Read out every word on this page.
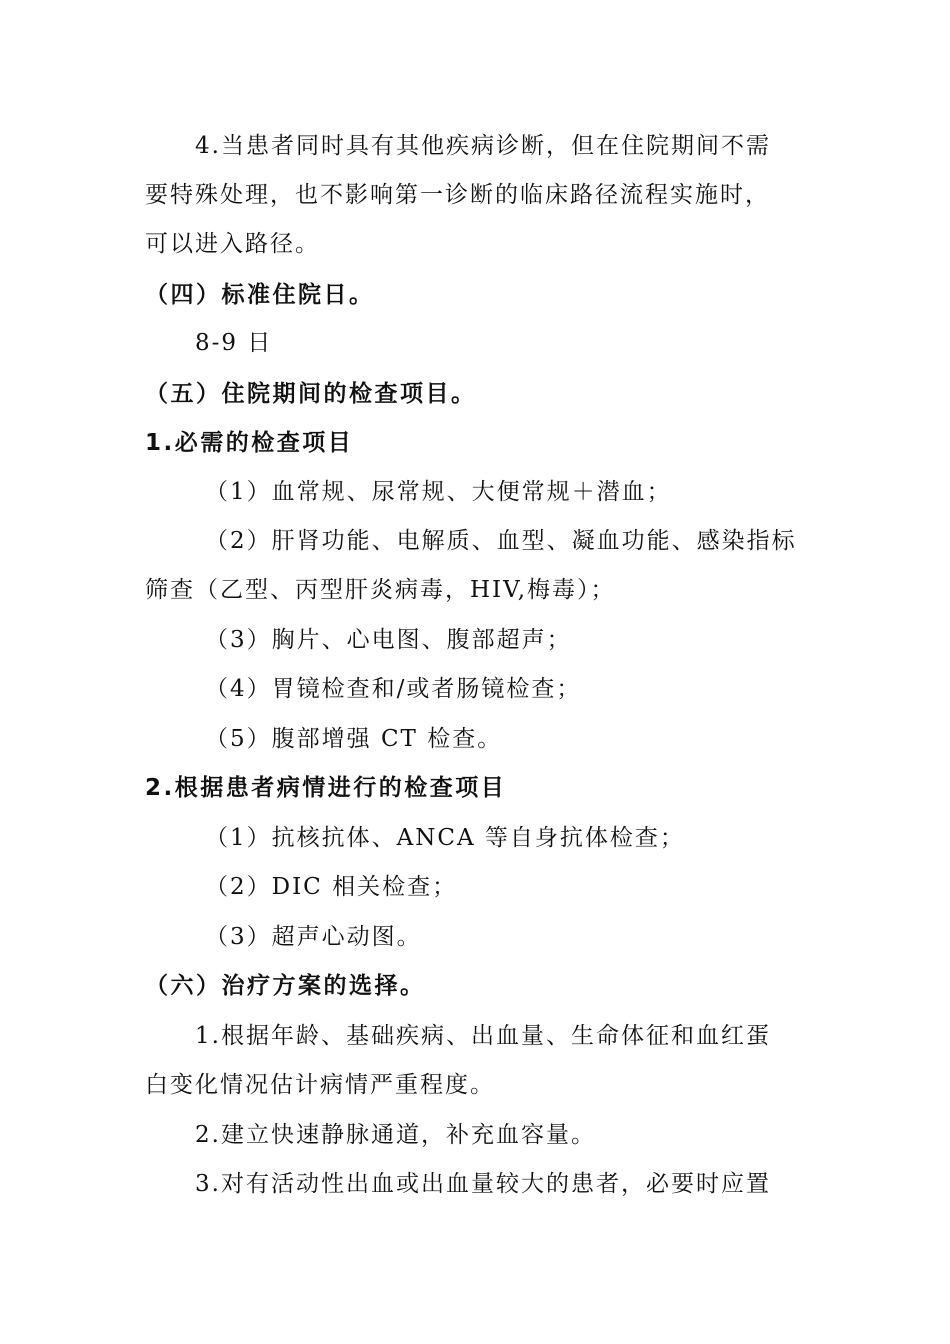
4.当患者同时具有其他疾病诊断，但在住院期间不需
要特殊处理，也不影响第一诊断的临床路径流程实施时，
可以进入路径。
（四）标准住院日。
8-9 日
（五）住院期间的检查项目。
1.必需的检查项目
（1）血常规、尿常规、大便常规＋潜血；
（2）肝肾功能、电解质、血型、凝血功能、感染指标
筛查（乙型、丙型肝炎病毒，HIV,梅毒）；
（3）胸片、心电图、腹部超声；
（4）胃镜检查和/或者肠镜检查；
（5）腹部增强 CT 检查。
2.根据患者病情进行的检查项目
（1）抗核抗体、ANCA 等自身抗体检查；
（2）DIC 相关检查；
（3）超声心动图。
（六）治疗方案的选择。
1.根据年龄、基础疾病、出血量、生命体征和血红蛋
白变化情况估计病情严重程度。
2.建立快速静脉通道，补充血容量。
3.对有活动性出血或出血量较大的患者，必要时应置
